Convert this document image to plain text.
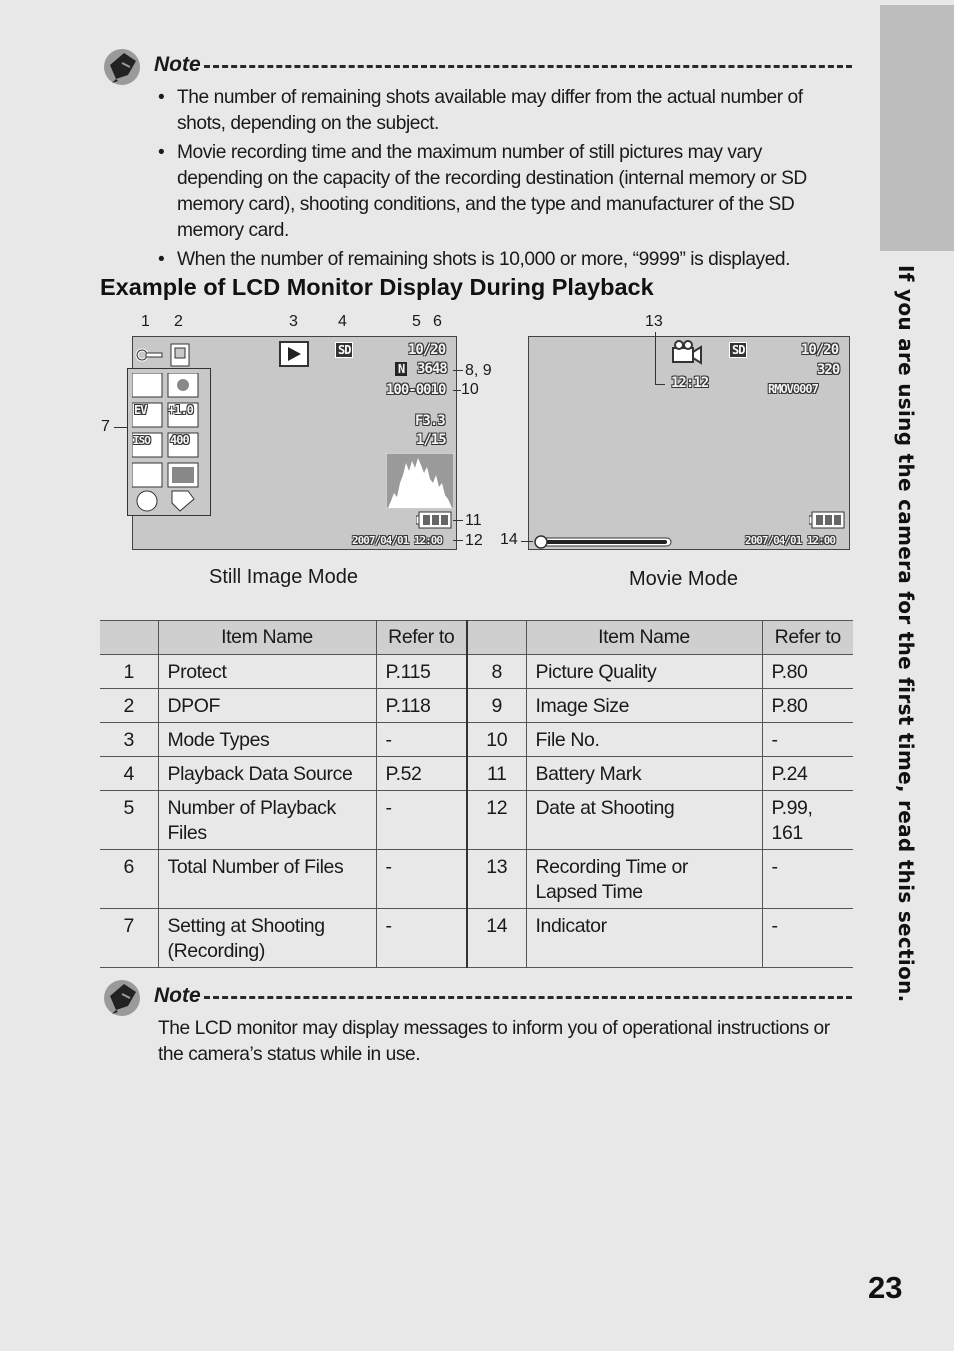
If you are using the camera for the first time, read this section.
Note
• The number of remaining shots available may differ from the actual number of shots, depending on the subject.
• Movie recording time and the maximum number of still pictures may vary depending on the capacity of the recording destination (internal memory or SD memory card), shooting conditions, and the type and manufacturer of the SD memory card.
• When the number of remaining shots is 10,000 or more, “9999” is displayed.
Example of LCD Monitor Display During Playback
SD	10/20
N 3648
100-0010
F3.3
1/15
2007/04/01 12:00
EV +1.0
ISO 400
1 2	3	4	5 6
8, 9
10
7
11
12
Still Image Mode
SD	10/20
320
RMOV0007
12:12
2007/04/01 12:00
13
14
Movie Mode
	Item Name	Refer to		Item Name	Refer to
1	Protect	P.115	8	Picture Quality	P.80
2	DPOF	P.118	9	Image Size	P.80
3	Mode Types	-	10	File No.	-
4	Playback Data Source	P.52	11	Battery Mark	P.24
5	Number of Playback Files	-	12	Date at Shooting	P.99, 161
6	Total Number of Files	-	13	Recording Time or Lapsed Time	-
7	Setting at Shooting (Recording)	-	14	Indicator	-
Note

The LCD monitor may display messages to inform you of operational instructions or the camera’s status while in use.

23
